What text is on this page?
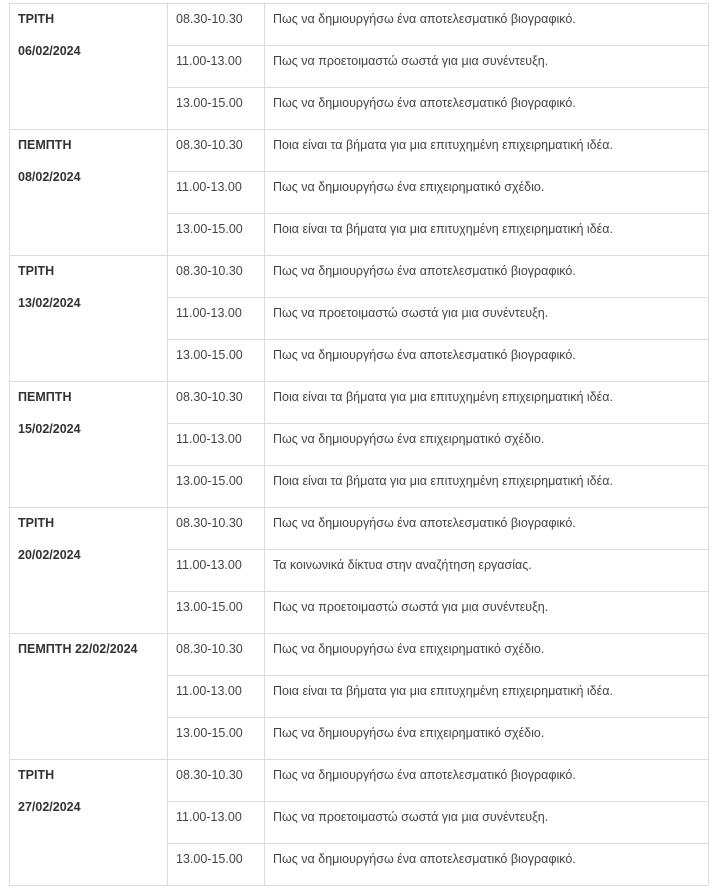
ΤΡΙΤΗ
06/02/2024	08.30-10.30	Πως να δημιουργήσω ένα αποτελεσματικό βιογραφικό.

	11.00-13.00	Πως να προετοιμαστώ σωστά για μια συνέντευξη.

	13.00-15.00	Πως να δημιουργήσω ένα αποτελεσματικό βιογραφικό.

ΠΕΜΠΤΗ
08/02/2024	08.30-10.30	Ποια είναι τα βήματα για μια επιτυχημένη επιχειρηματική ιδέα.

	11.00-13.00	Πως να δημιουργήσω ένα επιχειρηματικό σχέδιο.

	13.00-15.00	Ποια είναι τα βήματα για μια επιτυχημένη επιχειρηματική ιδέα.

ΤΡΙΤΗ
13/02/2024	08.30-10.30	Πως να δημιουργήσω ένα αποτελεσματικό βιογραφικό.

	11.00-13.00	Πως να προετοιμαστώ σωστά για μια συνέντευξη.

	13.00-15.00	Πως να δημιουργήσω ένα αποτελεσματικό βιογραφικό.

ΠΕΜΠΤΗ
15/02/2024	08.30-10.30	Ποια είναι τα βήματα για μια επιτυχημένη επιχειρηματική ιδέα.

	11.00-13.00	Πως να δημιουργήσω ένα επιχειρηματικό σχέδιο.

	13.00-15.00	Ποια είναι τα βήματα για μια επιτυχημένη επιχειρηματική ιδέα.

ΤΡΙΤΗ
20/02/2024	08.30-10.30	Πως να δημιουργήσω ένα αποτελεσματικό βιογραφικό.

	11.00-13.00	Τα κοινωνικά δίκτυα στην αναζήτηση εργασίας.

	13.00-15.00	Πως να προετοιμαστώ σωστά για μια συνέντευξη.

ΠΕΜΠΤΗ 22/02/2024	08.30-10.30	Πως να δημιουργήσω ένα επιχειρηματικό σχέδιο.

	11.00-13.00	Ποια είναι τα βήματα για μια επιτυχημένη επιχειρηματική ιδέα.

	13.00-15.00	Πως να δημιουργήσω ένα επιχειρηματικό σχέδιο.

ΤΡΙΤΗ
27/02/2024	08.30-10.30	Πως να δημιουργήσω ένα αποτελεσματικό βιογραφικό.

	11.00-13.00	Πως να προετοιμαστώ σωστά για μια συνέντευξη.

	13.00-15.00	Πως να δημιουργήσω ένα αποτελεσματικό βιογραφικό.
